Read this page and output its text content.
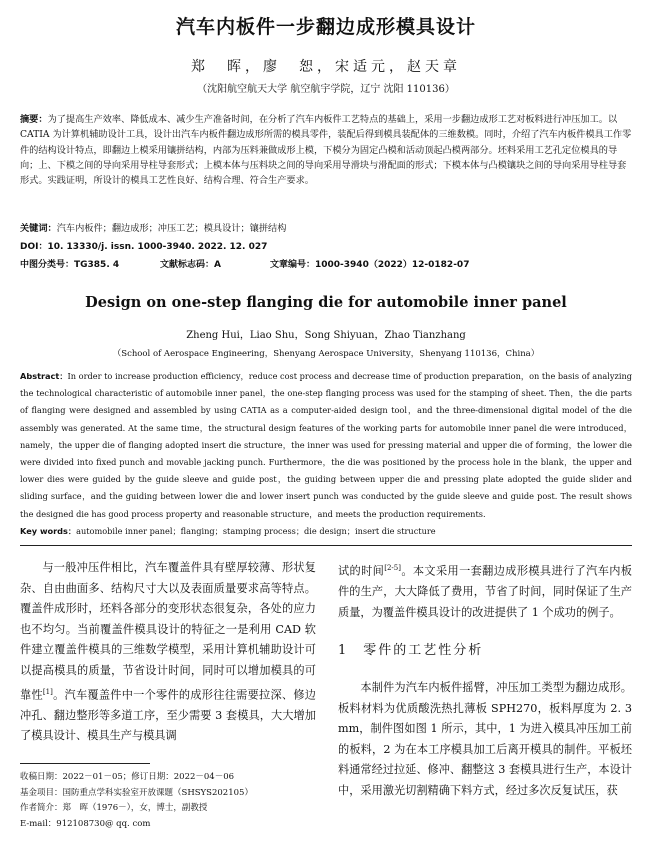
汽车内板件一步翻边成形模具设计
郑　晖，廖　恕，宋适元，赵天章
（沈阳航空航天大学 航空航宇学院，辽宁 沈阳 110136）
摘要：为了提高生产效率、降低成本、减少生产准备时间，在分析了汽车内板件工艺特点的基础上，采用一步翻边成形工艺对板料进行冲压加工。以 CATIA 为计算机辅助设计工具，设计出汽车内板件翻边成形所需的模具零件，装配后得到模具装配体的三维数模。同时，介绍了汽车内板件模具工作零件的结构设计特点，即翻边上模采用镶拼结构，内部为压料兼做成形上模，下模分为固定凸模和活动顶起凸模两部分。坯料采用工艺孔定位模具的导向；上、下模之间的导向采用导柱导套形式；上模本体与压料块之间的导向采用导滑块与滑配面的形式；下模本体与凸模镶块之间的导向采用导柱导套形式。实践证明，所设计的模具工艺性良好、结构合理、符合生产要求。
关键词：汽车内板件；翻边成形；冲压工艺；模具设计；镶拼结构
DOI：10. 13330/j. issn. 1000-3940. 2022. 12. 027
中图分类号：TG385. 4	文献标志码：A	文章编号：1000-3940（2022）12-0182-07
Design on one-step flanging die for automobile inner panel
Zheng Hui，Liao Shu，Song Shiyuan，Zhao Tianzhang
（School of Aerospace Engineering，Shenyang Aerospace University，Shenyang 110136，China）
Abstract：In order to increase production efficiency，reduce cost process and decrease time of production preparation，on the basis of analyzing the technological characteristic of automobile inner panel，the one-step flanging process was used for the stamping of sheet. Then，the die parts of flanging were designed and assembled by using CATIA as a computer-aided design tool，and the three-dimensional digital model of the die assembly was generated. At the same time，the structural design features of the working parts for automobile inner panel die were introduced，namely，the upper die of flanging adopted insert die structure，the inner was used for pressing material and upper die of forming，the lower die were divided into fixed punch and movable jacking punch. Furthermore，the die was positioned by the process hole in the blank，the upper and lower dies were guided by the guide sleeve and guide post，the guiding between upper die and pressing plate adopted the guide slider and sliding surface，and the guiding between lower die and lower insert punch was conducted by the guide sleeve and guide post. The result shows the designed die has good process property and reasonable structure，and meets the production requirements.
Key words：automobile inner panel；flanging；stamping process；die design；insert die structure

与一般冲压件相比，汽车覆盖件具有壁厚较薄、形状复杂、自由曲面多、结构尺寸大以及表面质量要求高等特点。覆盖件成形时，坯料各部分的变形状态很复杂，各处的应力也不均匀。当前覆盖件模具设计的特征之一是利用 CAD 软件建立覆盖件模具的三维数学模型，采用计算机辅助设计可以提高模具的质量，节省设计时间，同时可以增加模具的可靠性[1]。汽车覆盖件中一个零件的成形往往需要拉深、修边冲孔、翻边整形等多道工序，至少需要 3 套模具，大大增加了模具设计、模具生产与模具调

收稿日期：2022－01－05；修订日期：2022－04－06
基金项目：国防重点学科实验室开放课题（SHSYS202105）
作者简介：郑　晖（1976－），女，博士，副教授
E-mail：912108730@ qq. com
试的时间[2-5]。本文采用一套翻边成形模具进行了汽车内板件的生产，大大降低了费用，节省了时间，同时保证了生产质量，为覆盖件模具设计的改进提供了 1 个成功的例子。
1　零件的工艺性分析

本制件为汽车内板件摇臂，冲压加工类型为翻边成形。板料材料为优质酸洗热扎薄板 SPH270，板料厚度为 2. 3 mm，制件图如图 1 所示，其中，1 为进入模具冲压加工前的板料，2 为在本工序模具加工后离开模具的制件。平板坯料通常经过拉延、修冲、翻整这 3 套模具进行生产，本设计中，采用激光切割精确下料方式，经过多次反复试压，获
